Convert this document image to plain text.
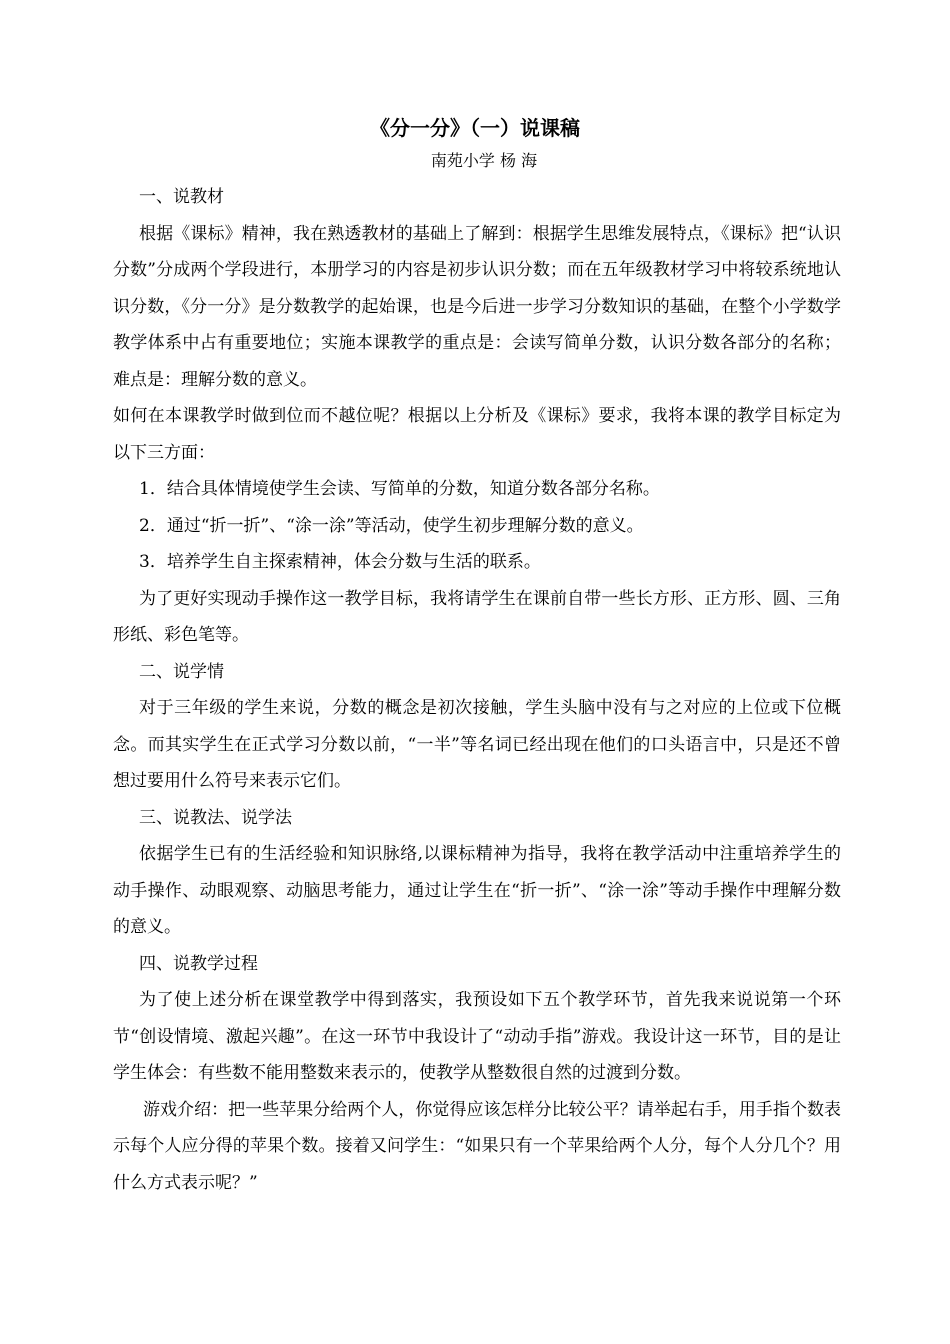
《分一分》（一）说课稿
南苑小学 杨 海

一、说教材

根据《课标》精神，我在熟透教材的基础上了解到：根据学生思维发展特点，《课标》把“认识分数”分成两个学段进行，本册学习的内容是初步认识分数；而在五年级教材学习中将较系统地认识分数，《分一分》是分数教学的起始课，也是今后进一步学习分数知识的基础，在整个小学数学教学体系中占有重要地位；实施本课教学的重点是：会读写简单分数，认识分数各部分的名称；难点是：理解分数的意义。

如何在本课教学时做到位而不越位呢？根据以上分析及《课标》要求，我将本课的教学目标定为以下三方面：

1．结合具体情境使学生会读、写简单的分数，知道分数各部分名称。

2．通过“折一折”、“涂一涂”等活动，使学生初步理解分数的意义。

3．培养学生自主探索精神，体会分数与生活的联系。

为了更好实现动手操作这一教学目标，我将请学生在课前自带一些长方形、正方形、圆、三角形纸、彩色笔等。

二、说学情

对于三年级的学生来说，分数的概念是初次接触，学生头脑中没有与之对应的上位或下位概念。而其实学生在正式学习分数以前，“一半”等名词已经出现在他们的口头语言中，只是还不曾想过要用什么符号来表示它们。

三、说教法、说学法

依据学生已有的生活经验和知识脉络,以课标精神为指导，我将在教学活动中注重培养学生的动手操作、动眼观察、动脑思考能力，通过让学生在“折一折”、“涂一涂”等动手操作中理解分数的意义。

四、说教学过程

为了使上述分析在课堂教学中得到落实，我预设如下五个教学环节，首先我来说说第一个环节“创设情境、激起兴趣”。在这一环节中我设计了“动动手指”游戏。我设计这一环节，目的是让学生体会：有些数不能用整数来表示的，使教学从整数很自然的过渡到分数。

游戏介绍：把一些苹果分给两个人，你觉得应该怎样分比较公平？请举起右手，用手指个数表示每个人应分得的苹果个数。接着又问学生：“如果只有一个苹果给两个人分，每个人分几个？用什么方式表示呢？”
